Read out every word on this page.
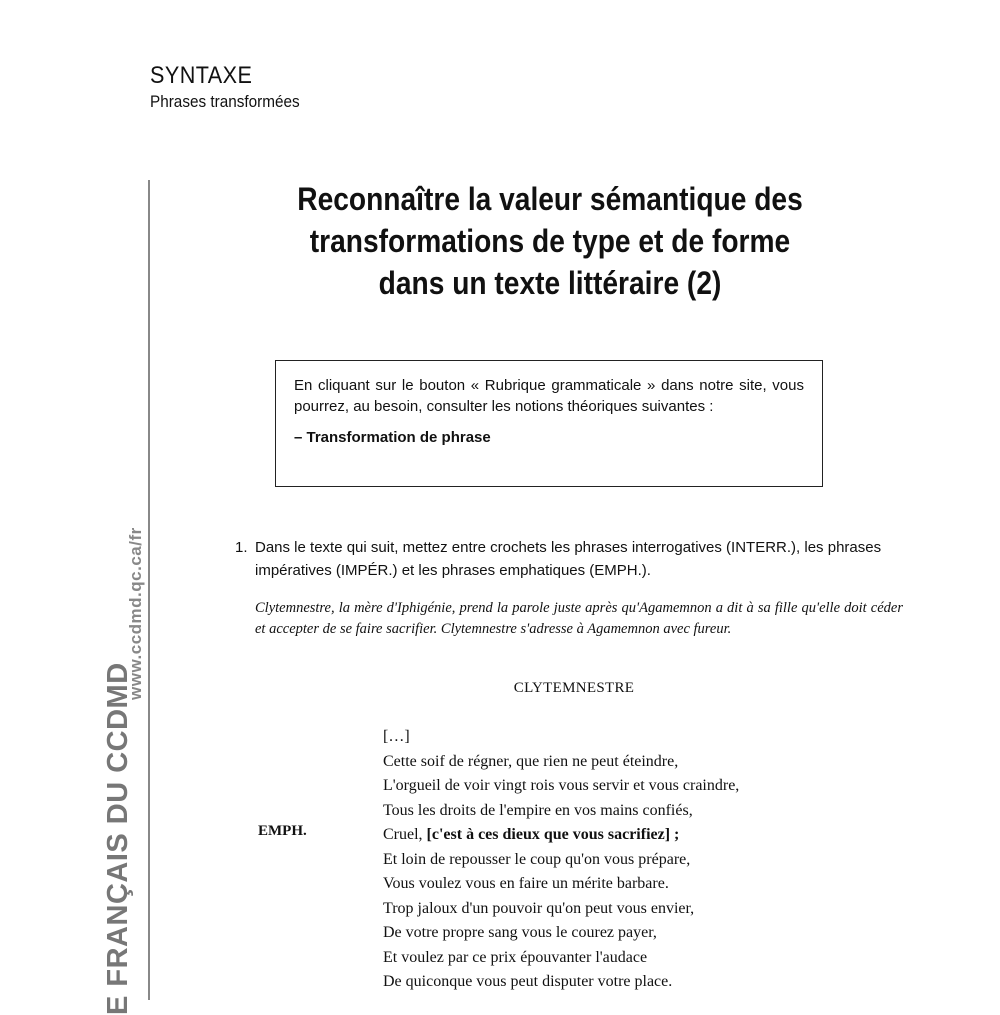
SYNTAXE
Phrases transformées
www.ccdmd.qc.ca/fr
E FRANÇAIS DU CCDMD
Reconnaître la valeur sémantique des
transformations de type et de forme
dans un texte littéraire (2)
En cliquant sur le bouton « Rubrique grammaticale » dans notre site, vous pourrez, au besoin, consulter les notions théoriques suivantes :
– Transformation de phrase
1. Dans le texte qui suit, mettez entre crochets les phrases interrogatives (INTERR.), les phrases impératives (IMPÉR.) et les phrases emphatiques (EMPH.).
Clytemnestre, la mère d'Iphigénie, prend la parole juste après qu'Agamemnon a dit à sa fille qu'elle doit céder et accepter de se faire sacrifier. Clytemnestre s'adresse à Agamemnon avec fureur.
CLYTEMNESTRE
EMPH.
[…]
Cette soif de régner, que rien ne peut éteindre,
L'orgueil de voir vingt rois vous servir et vous craindre,
Tous les droits de l'empire en vos mains confiés,
Cruel, [c'est à ces dieux que vous sacrifiez] ;
Et loin de repousser le coup qu'on vous prépare,
Vous voulez vous en faire un mérite barbare.
Trop jaloux d'un pouvoir qu'on peut vous envier,
De votre propre sang vous le courez payer,
Et voulez par ce prix épouvanter l'audace
De quiconque vous peut disputer votre place.
